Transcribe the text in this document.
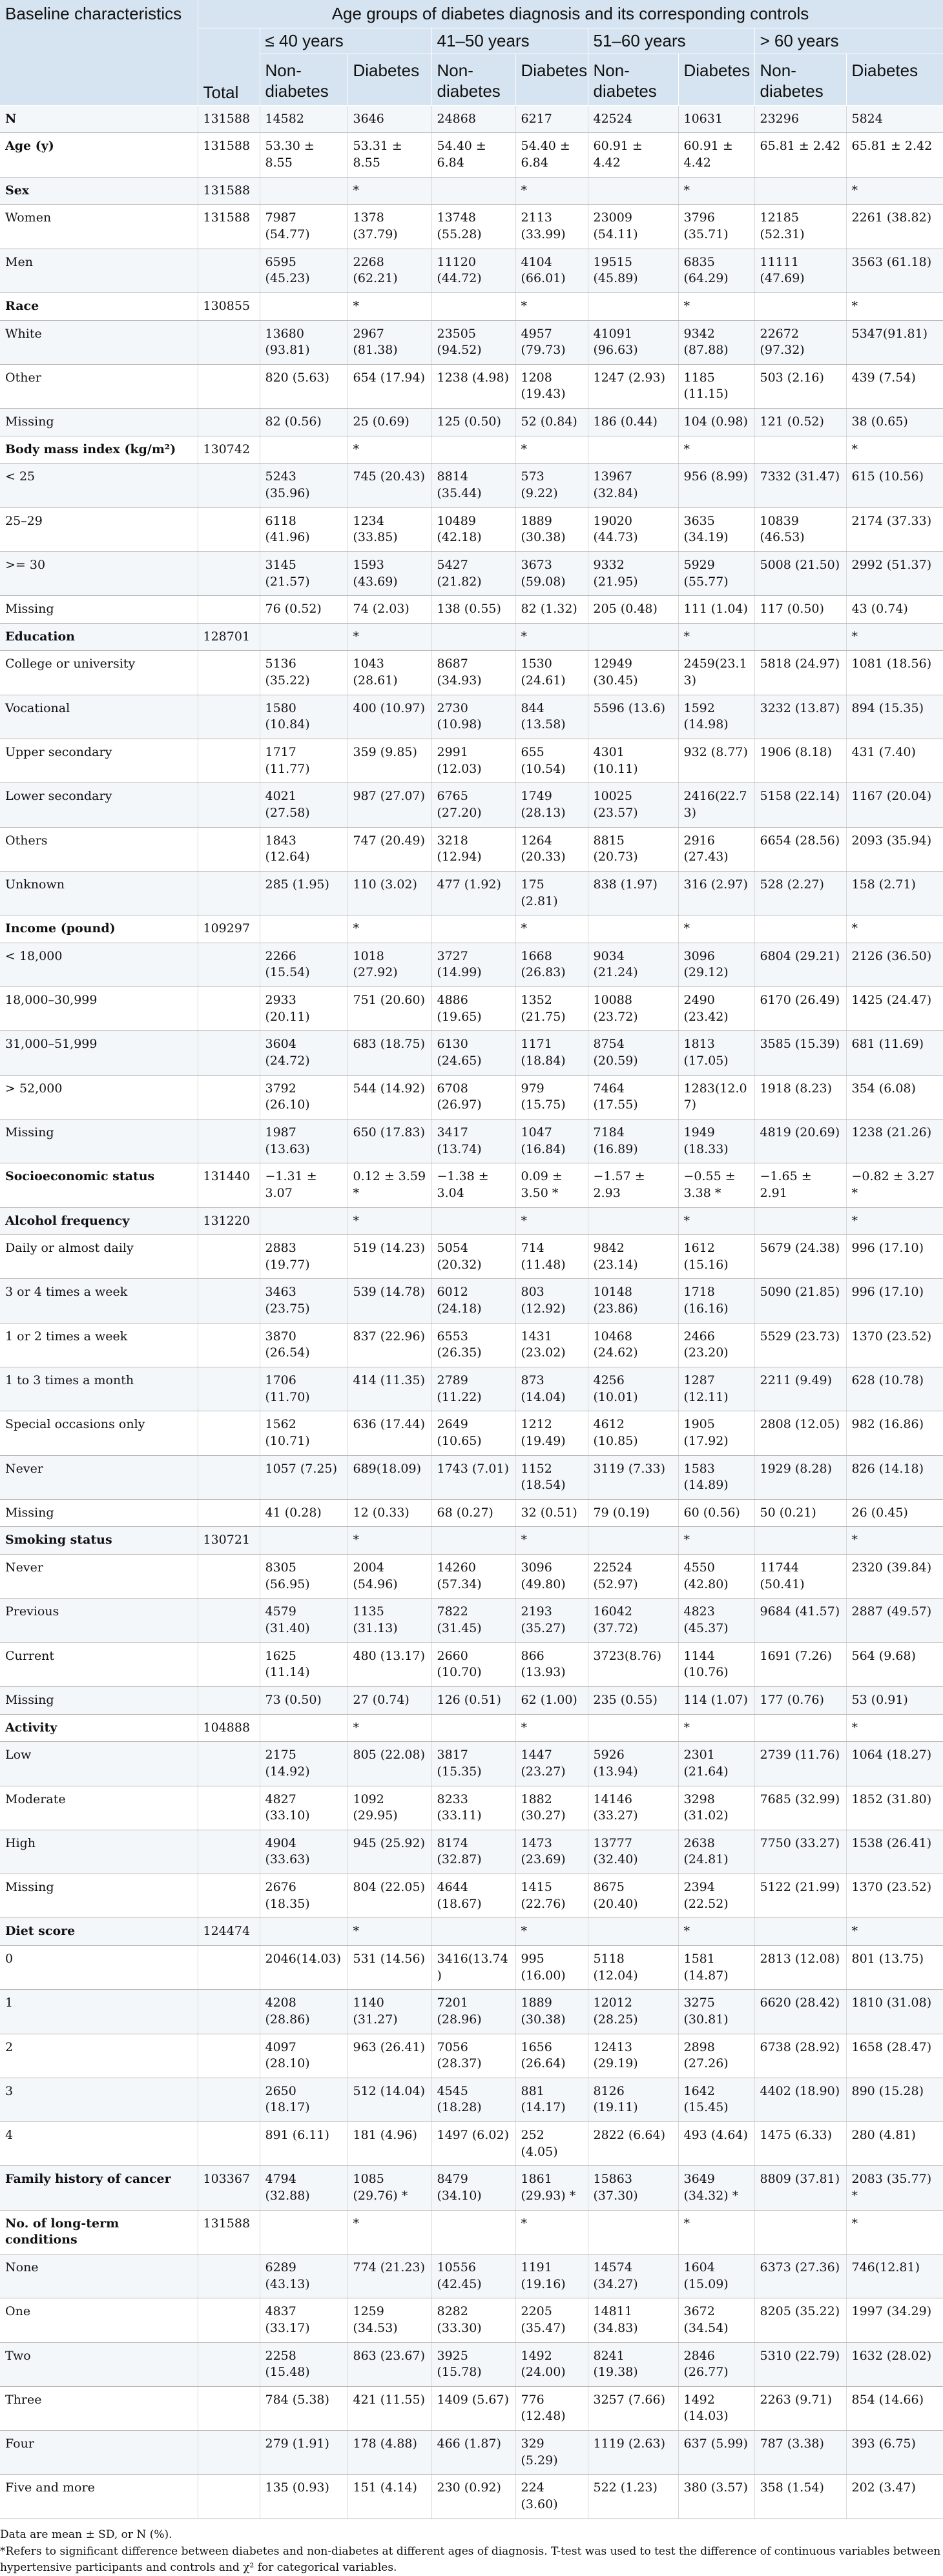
Baseline characteristics	Age groups of diabetes diagnosis and its corresponding controls								
	Total	≤ 40 years		41–50 years		51–60 years		> 60 years	
		Non-diabetes	Diabetes	Non-diabetes	Diabetes	Non-diabetes	Diabetes	Non-diabetes	Diabetes
N	131588	14582	3646	24868	6217	42524	10631	23296	5824
Age (y)	131588	53.30 ± 8.55	53.31 ± 8.55	54.40 ± 6.84	54.40 ± 6.84	60.91 ± 4.42	60.91 ± 4.42	65.81 ± 2.42	65.81 ± 2.42
Sex	131588		*		*		*		*
Women	131588	7987 (54.77)	1378 (37.79)	13748 (55.28)	2113 (33.99)	23009 (54.11)	3796 (35.71)	12185 (52.31)	2261 (38.82)
Men		6595 (45.23)	2268 (62.21)	11120 (44.72)	4104 (66.01)	19515 (45.89)	6835 (64.29)	11111 (47.69)	3563 (61.18)
Race	130855		*		*		*		*
White		13680 (93.81)	2967 (81.38)	23505 (94.52)	4957 (79.73)	41091 (96.63)	9342 (87.88)	22672 (97.32)	5347(91.81)
Other		820 (5.63)	654 (17.94)	1238 (4.98)	1208 (19.43)	1247 (2.93)	1185 (11.15)	503 (2.16)	439 (7.54)
Missing		82 (0.56)	25 (0.69)	125 (0.50)	52 (0.84)	186 (0.44)	104 (0.98)	121 (0.52)	38 (0.65)
Body mass index (kg/m²)	130742		*		*		*		*
< 25		5243 (35.96)	745 (20.43)	8814 (35.44)	573 (9.22)	13967 (32.84)	956 (8.99)	7332 (31.47)	615 (10.56)
25–29		6118 (41.96)	1234 (33.85)	10489 (42.18)	1889 (30.38)	19020 (44.73)	3635 (34.19)	10839 (46.53)	2174 (37.33)
>= 30		3145 (21.57)	1593 (43.69)	5427 (21.82)	3673 (59.08)	9332 (21.95)	5929 (55.77)	5008 (21.50)	2992 (51.37)
Missing		76 (0.52)	74 (2.03)	138 (0.55)	82 (1.32)	205 (0.48)	111 (1.04)	117 (0.50)	43 (0.74)
Education	128701		*		*		*		*
College or university		5136 (35.22)	1043 (28.61)	8687 (34.93)	1530 (24.61)	12949 (30.45)	2459(23.13)	5818 (24.97)	1081 (18.56)
Vocational		1580 (10.84)	400 (10.97)	2730 (10.98)	844 (13.58)	5596 (13.6)	1592 (14.98)	3232 (13.87)	894 (15.35)
Upper secondary		1717 (11.77)	359 (9.85)	2991 (12.03)	655 (10.54)	4301 (10.11)	932 (8.77)	1906 (8.18)	431 (7.40)
Lower secondary		4021 (27.58)	987 (27.07)	6765 (27.20)	1749 (28.13)	10025 (23.57)	2416(22.73)	5158 (22.14)	1167 (20.04)
Others		1843 (12.64)	747 (20.49)	3218 (12.94)	1264 (20.33)	8815 (20.73)	2916 (27.43)	6654 (28.56)	2093 (35.94)
Unknown		285 (1.95)	110 (3.02)	477 (1.92)	175 (2.81)	838 (1.97)	316 (2.97)	528 (2.27)	158 (2.71)
Income (pound)	109297		*		*		*		*
< 18,000		2266 (15.54)	1018 (27.92)	3727 (14.99)	1668 (26.83)	9034 (21.24)	3096 (29.12)	6804 (29.21)	2126 (36.50)
18,000–30,999		2933 (20.11)	751 (20.60)	4886 (19.65)	1352 (21.75)	10088 (23.72)	2490 (23.42)	6170 (26.49)	1425 (24.47)
31,000–51,999		3604 (24.72)	683 (18.75)	6130 (24.65)	1171 (18.84)	8754 (20.59)	1813 (17.05)	3585 (15.39)	681 (11.69)
> 52,000		3792 (26.10)	544 (14.92)	6708 (26.97)	979 (15.75)	7464 (17.55)	1283(12.07)	1918 (8.23)	354 (6.08)
Missing		1987 (13.63)	650 (17.83)	3417 (13.74)	1047 (16.84)	7184 (16.89)	1949 (18.33)	4819 (20.69)	1238 (21.26)
Socioeconomic status	131440	−1.31 ± 3.07	0.12 ± 3.59 *	−1.38 ± 3.04	0.09 ± 3.50 *	−1.57 ± 2.93	−0.55 ± 3.38 *	−1.65 ± 2.91	−0.82 ± 3.27 *
Alcohol frequency	131220		*		*		*		*
Daily or almost daily		2883 (19.77)	519 (14.23)	5054 (20.32)	714 (11.48)	9842 (23.14)	1612 (15.16)	5679 (24.38)	996 (17.10)
3 or 4 times a week		3463 (23.75)	539 (14.78)	6012 (24.18)	803 (12.92)	10148 (23.86)	1718 (16.16)	5090 (21.85)	996 (17.10)
1 or 2 times a week		3870 (26.54)	837 (22.96)	6553 (26.35)	1431 (23.02)	10468 (24.62)	2466 (23.20)	5529 (23.73)	1370 (23.52)
1 to 3 times a month		1706 (11.70)	414 (11.35)	2789 (11.22)	873 (14.04)	4256 (10.01)	1287 (12.11)	2211 (9.49)	628 (10.78)
Special occasions only		1562 (10.71)	636 (17.44)	2649 (10.65)	1212 (19.49)	4612 (10.85)	1905 (17.92)	2808 (12.05)	982 (16.86)
Never		1057 (7.25)	689(18.09)	1743 (7.01)	1152 (18.54)	3119 (7.33)	1583 (14.89)	1929 (8.28)	826 (14.18)
Missing		41 (0.28)	12 (0.33)	68 (0.27)	32 (0.51)	79 (0.19)	60 (0.56)	50 (0.21)	26 (0.45)
Smoking status	130721		*		*		*		*
Never		8305 (56.95)	2004 (54.96)	14260 (57.34)	3096 (49.80)	22524 (52.97)	4550 (42.80)	11744 (50.41)	2320 (39.84)
Previous		4579 (31.40)	1135 (31.13)	7822 (31.45)	2193 (35.27)	16042 (37.72)	4823 (45.37)	9684 (41.57)	2887 (49.57)
Current		1625 (11.14)	480 (13.17)	2660 (10.70)	866 (13.93)	3723(8.76)	1144 (10.76)	1691 (7.26)	564 (9.68)
Missing		73 (0.50)	27 (0.74)	126 (0.51)	62 (1.00)	235 (0.55)	114 (1.07)	177 (0.76)	53 (0.91)
Activity	104888		*		*		*		*
Low		2175 (14.92)	805 (22.08)	3817 (15.35)	1447 (23.27)	5926 (13.94)	2301 (21.64)	2739 (11.76)	1064 (18.27)
Moderate		4827 (33.10)	1092 (29.95)	8233 (33.11)	1882 (30.27)	14146 (33.27)	3298 (31.02)	7685 (32.99)	1852 (31.80)
High		4904 (33.63)	945 (25.92)	8174 (32.87)	1473 (23.69)	13777 (32.40)	2638 (24.81)	7750 (33.27)	1538 (26.41)
Missing		2676 (18.35)	804 (22.05)	4644 (18.67)	1415 (22.76)	8675 (20.40)	2394 (22.52)	5122 (21.99)	1370 (23.52)
Diet score	124474		*		*		*		*
0		2046(14.03)	531 (14.56)	3416(13.74)	995 (16.00)	5118 (12.04)	1581 (14.87)	2813 (12.08)	801 (13.75)
1		4208 (28.86)	1140 (31.27)	7201 (28.96)	1889 (30.38)	12012 (28.25)	3275 (30.81)	6620 (28.42)	1810 (31.08)
2		4097 (28.10)	963 (26.41)	7056 (28.37)	1656 (26.64)	12413 (29.19)	2898 (27.26)	6738 (28.92)	1658 (28.47)
3		2650 (18.17)	512 (14.04)	4545 (18.28)	881 (14.17)	8126 (19.11)	1642 (15.45)	4402 (18.90)	890 (15.28)
4		891 (6.11)	181 (4.96)	1497 (6.02)	252 (4.05)	2822 (6.64)	493 (4.64)	1475 (6.33)	280 (4.81)
Family history of cancer	103367	4794 (32.88)	1085 (29.76) *	8479 (34.10)	1861 (29.93) *	15863 (37.30)	3649 (34.32) *	8809 (37.81)	2083 (35.77) *
No. of long-term conditions	131588		*		*		*		*
None		6289 (43.13)	774 (21.23)	10556 (42.45)	1191 (19.16)	14574 (34.27)	1604 (15.09)	6373 (27.36)	746(12.81)
One		4837 (33.17)	1259 (34.53)	8282 (33.30)	2205 (35.47)	14811 (34.83)	3672 (34.54)	8205 (35.22)	1997 (34.29)
Two		2258 (15.48)	863 (23.67)	3925 (15.78)	1492 (24.00)	8241 (19.38)	2846 (26.77)	5310 (22.79)	1632 (28.02)
Three		784 (5.38)	421 (11.55)	1409 (5.67)	776 (12.48)	3257 (7.66)	1492 (14.03)	2263 (9.71)	854 (14.66)
Four		279 (1.91)	178 (4.88)	466 (1.87)	329 (5.29)	1119 (2.63)	637 (5.99)	787 (3.38)	393 (6.75)
Five and more		135 (0.93)	151 (4.14)	230 (0.92)	224 (3.60)	522 (1.23)	380 (3.57)	358 (1.54)	202 (3.47)

Data are mean ± SD, or N (%).

*Refers to significant difference between diabetes and non-diabetes at different ages of diagnosis. T-test was used to test the difference of continuous variables between hypertensive participants and controls and χ² for categorical variables.
